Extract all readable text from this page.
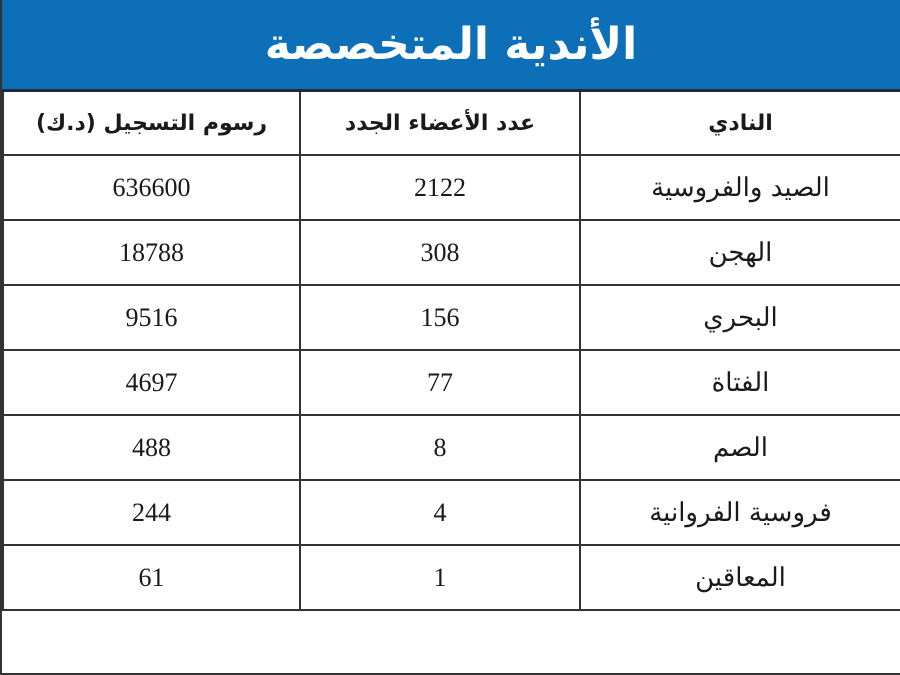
الأندية المتخصصة
رسوم التسجيل (د.ك)	عدد الأعضاء الجدد	النادي
636600	2122	الصيد والفروسية
18788	308	الهجن
9516	156	البحري
4697	77	الفتاة
488	8	الصم
244	4	فروسية الفروانية
61	1	المعاقين
